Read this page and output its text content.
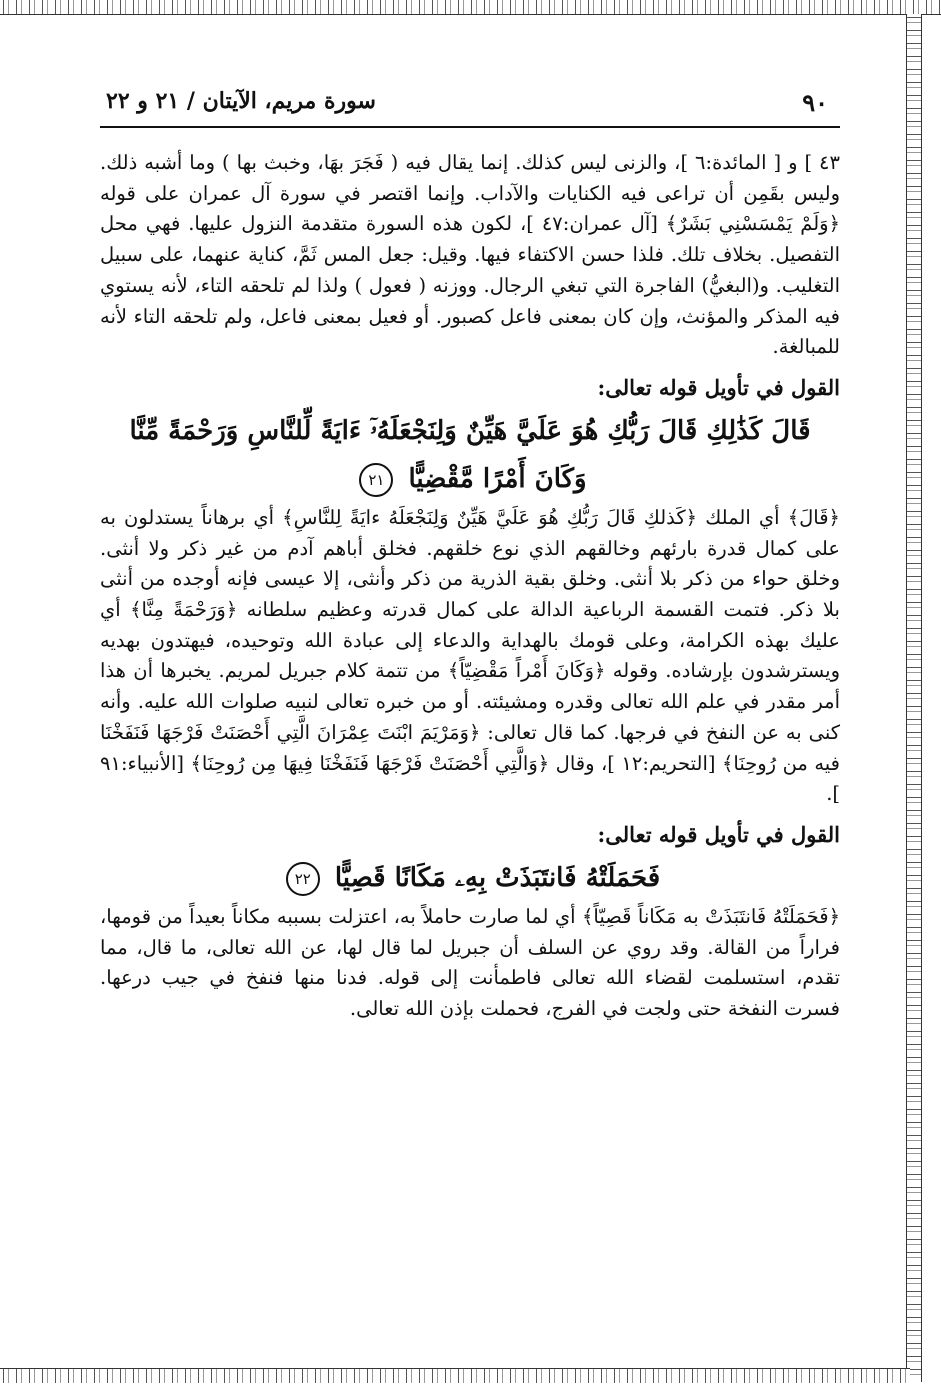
٩٠
سورة مريم، الآيتان / ٢١ و ٢٢

٤٣ ] و [ المائدة:٦ ]، والزنى ليس كذلك. إنما يقال فيه ( فَجَرَ بهَا، وخبث بها ) وما أشبه ذلك. وليس بقَمِن أن تراعى فيه الكنايات والآداب. وإنما اقتصر في سورة آل عمران على قوله ﴿وَلَمْ يَمْسَسْنِي بَشَرٌ﴾ [آل عمران:٤٧ ]، لكون هذه السورة متقدمة النزول عليها. فهي محل التفصيل. بخلاف تلك. فلذا حسن الاكتفاء فيها. وقيل: جعل المس ثَمَّ، كناية عنهما، على سبيل التغليب. و(البغيُّ) الفاجرة التي تبغي الرجال. ووزنه ( فعول ) ولذا لم تلحقه التاء، لأنه يستوي فيه المذكر والمؤنث، وإن كان بمعنى فاعل كصبور. أو فعيل بمعنى فاعل، ولم تلحقه التاء لأنه للمبالغة.

القول في تأويل قوله تعالى:

قَالَ كَذَٰلِكِ قَالَ رَبُّكِ هُوَ عَلَيَّ هَيِّنٌ وَلِنَجْعَلَهُۥٓ ءَايَةً لِّلنَّاسِ وَرَحْمَةً مِّنَّا

وَكَانَ أَمْرًا مَّقْضِيًّا ٢١

﴿قَالَ﴾ أي الملك ﴿كَذلكِ قَالَ رَبُّكِ هُوَ عَلَيَّ هَيِّنٌ وَلِنَجْعَلَهُ ءايَةً لِلنَّاسِ﴾ أي برهاناً يستدلون به على كمال قدرة بارئهم وخالقهم الذي نوع خلقهم. فخلق أباهم آدم من غير ذكر ولا أنثى. وخلق حواء من ذكر بلا أنثى. وخلق بقية الذرية من ذكر وأنثى، إلا عيسى فإنه أوجده من أنثى بلا ذكر. فتمت القسمة الرباعية الدالة على كمال قدرته وعظيم سلطانه ﴿وَرَحْمَةً مِنَّا﴾ أي عليك بهذه الكرامة، وعلى قومك بالهداية والدعاء إلى عبادة الله وتوحيده، فيهتدون بهديه ويسترشدون بإرشاده. وقوله ﴿وَكَانَ أَمْراً مَقْضِيّاً﴾ من تتمة كلام جبريل لمريم. يخبرها أن هذا أمر مقدر في علم الله تعالى وقدره ومشيئته. أو من خبره تعالى لنبيه صلوات الله عليه. وأنه كنى به عن النفخ في فرجها. كما قال تعالى: ﴿وَمَرْيَمَ ابْنَتَ عِمْرَانَ الَّتِي أَحْصَنَتْ فَرْجَهَا فَنَفَخْنَا فيه من رُوحِنَا﴾ [التحريم:١٢ ]، وقال ﴿وَالَّتِي أَحْصَنَتْ فَرْجَهَا فَنَفَخْنَا فِيهَا مِن رُوحِنَا﴾ [الأنبياء:٩١ ].

القول في تأويل قوله تعالى:

فَحَمَلَتْهُ فَانتَبَذَتْ بِهِۦ مَكَانًا قَصِيًّا ٢٢

﴿فَحَمَلَتْهُ فَانتَبَذَتْ به مَكَاناً قَصِيّاً﴾ أي لما صارت حاملاً به، اعتزلت بسببه مكاناً بعيداً من قومها، فراراً من القالة. وقد روي عن السلف أن جبريل لما قال لها، عن الله تعالى، ما قال، مما تقدم، استسلمت لقضاء الله تعالى فاطمأنت إلى قوله. فدنا منها فنفخ في جيب درعها. فسرت النفخة حتى ولجت في الفرج، فحملت بإذن الله تعالى.
